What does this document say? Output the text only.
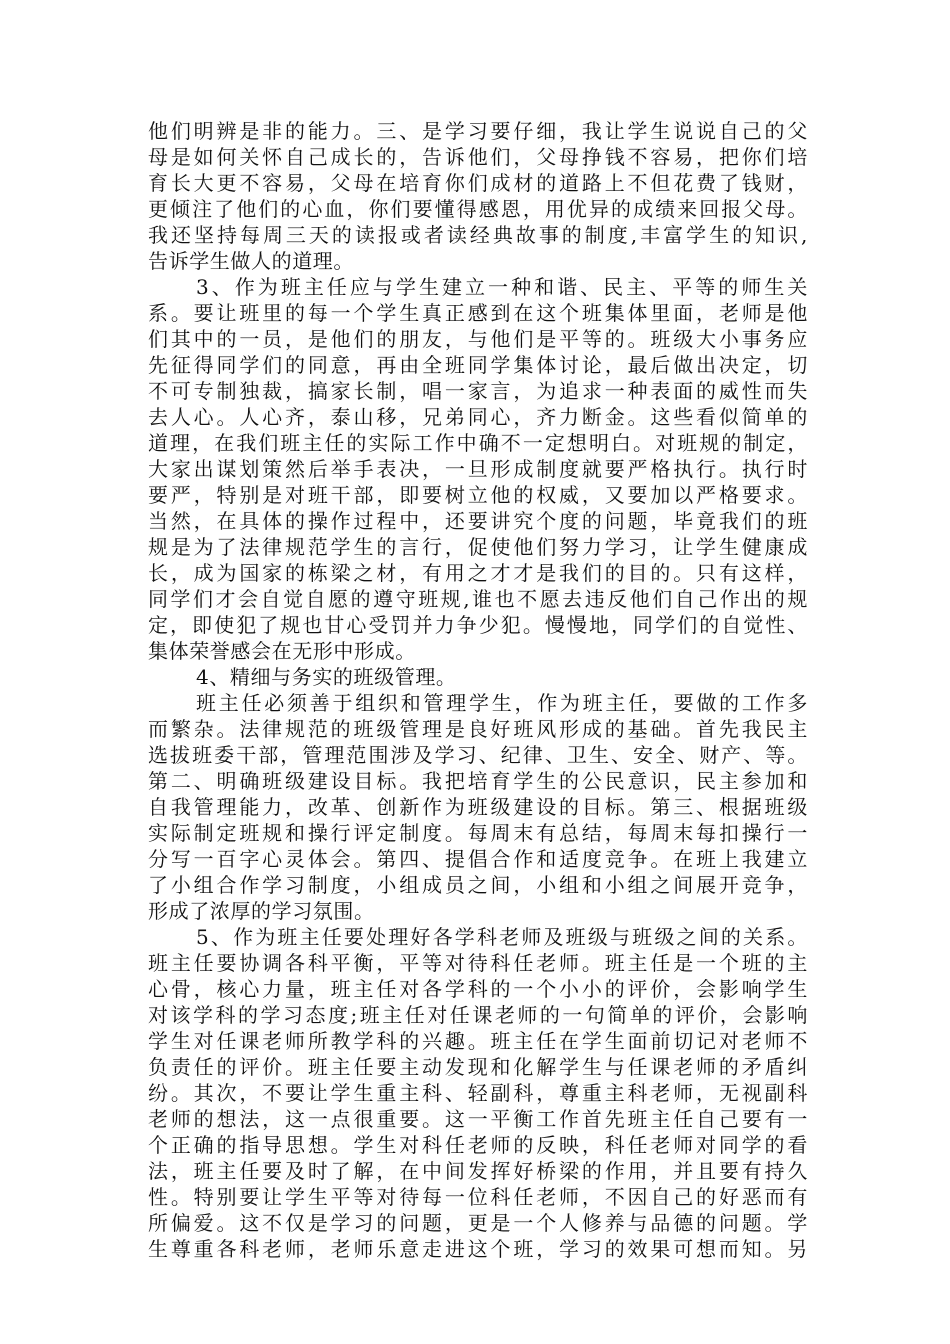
他们明辨是非的能力。三、是学习要仔细，我让学生说说自己的父
母是如何关怀自己成长的，告诉他们，父母挣钱不容易，把你们培
育长大更不容易，父母在培育你们成材的道路上不但花费了钱财，
更倾注了他们的心血，你们要懂得感恩，用优异的成绩来回报父母。
我还坚持每周三天的读报或者读经典故事的制度,丰富学生的知识,
告诉学生做人的道理。
3、作为班主任应与学生建立一种和谐、民主、平等的师生关
系。要让班里的每一个学生真正感到在这个班集体里面，老师是他
们其中的一员，是他们的朋友，与他们是平等的。班级大小事务应
先征得同学们的同意，再由全班同学集体讨论，最后做出决定，切
不可专制独裁，搞家长制，唱一家言，为追求一种表面的威性而失
去人心。人心齐，泰山移，兄弟同心，齐力断金。这些看似简单的
道理，在我们班主任的实际工作中确不一定想明白。对班规的制定，
大家出谋划策然后举手表决，一旦形成制度就要严格执行。执行时
要严，特别是对班干部，即要树立他的权威，又要加以严格要求。
当然，在具体的操作过程中，还要讲究个度的问题，毕竟我们的班
规是为了法律规范学生的言行，促使他们努力学习，让学生健康成
长，成为国家的栋梁之材，有用之才才是我们的目的。只有这样，
同学们才会自觉自愿的遵守班规,谁也不愿去违反他们自己作出的规
定，即使犯了规也甘心受罚并力争少犯。慢慢地，同学们的自觉性、
集体荣誉感会在无形中形成。
4、精细与务实的班级管理。
班主任必须善于组织和管理学生，作为班主任，要做的工作多
而繁杂。法律规范的班级管理是良好班风形成的基础。首先我民主
选拔班委干部，管理范围涉及学习、纪律、卫生、安全、财产、等。
第二、明确班级建设目标。我把培育学生的公民意识，民主参加和
自我管理能力，改革、创新作为班级建设的目标。第三、根据班级
实际制定班规和操行评定制度。每周末有总结，每周末每扣操行一
分写一百字心灵体会。第四、提倡合作和适度竞争。在班上我建立
了小组合作学习制度，小组成员之间，小组和小组之间展开竞争，
形成了浓厚的学习氛围。
5、作为班主任要处理好各学科老师及班级与班级之间的关系。
班主任要协调各科平衡，平等对待科任老师。班主任是一个班的主
心骨，核心力量，班主任对各学科的一个小小的评价，会影响学生
对该学科的学习态度;班主任对任课老师的一句简单的评价，会影响
学生对任课老师所教学科的兴趣。班主任在学生面前切记对老师不
负责任的评价。班主任要主动发现和化解学生与任课老师的矛盾纠
纷。其次，不要让学生重主科、轻副科，尊重主科老师，无视副科
老师的想法，这一点很重要。这一平衡工作首先班主任自己要有一
个正确的指导思想。学生对科任老师的反映，科任老师对同学的看
法，班主任要及时了解，在中间发挥好桥梁的作用，并且要有持久
性。特别要让学生平等对待每一位科任老师，不因自己的好恶而有
所偏爱。这不仅是学习的问题，更是一个人修养与品德的问题。学
生尊重各科老师，老师乐意走进这个班，学习的效果可想而知。另
